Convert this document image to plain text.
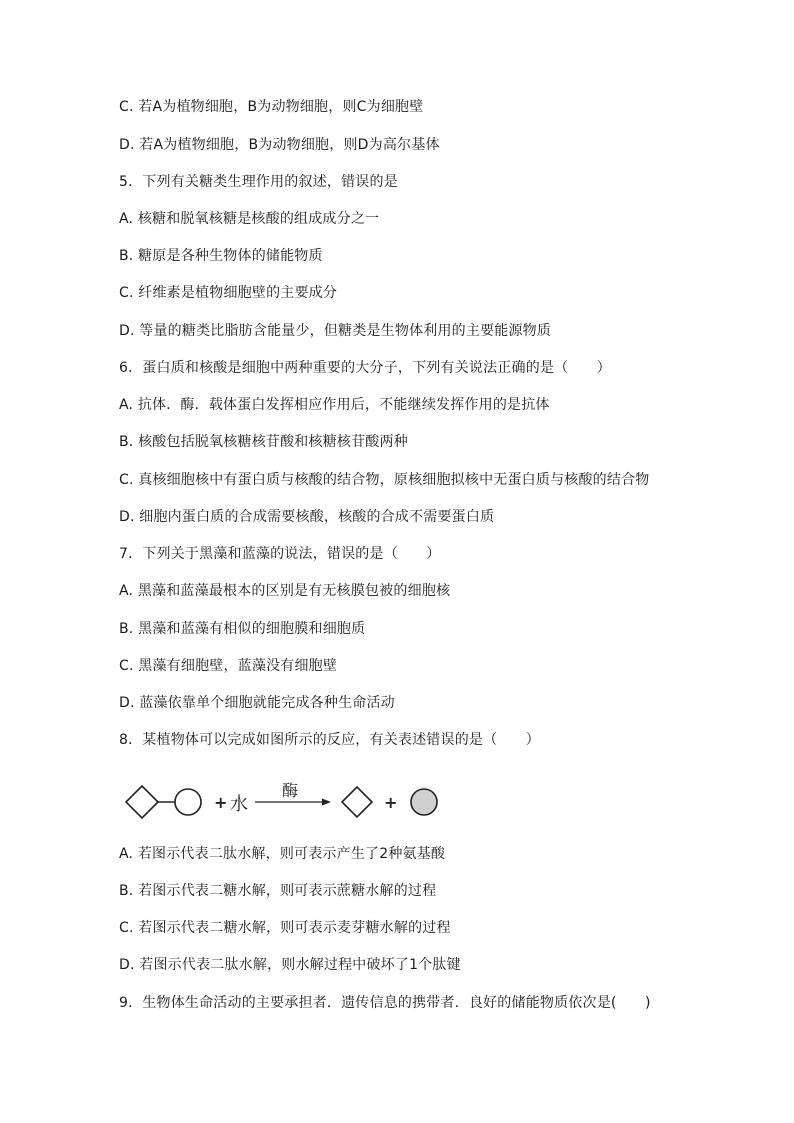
C. 若A为植物细胞，B为动物细胞，则C为细胞壁
D. 若A为植物细胞，B为动物细胞，则D为高尔基体
5．下列有关糖类生理作用的叙述，错误的是
A. 核糖和脱氧核糖是核酸的组成成分之一
B. 糖原是各种生物体的储能物质
C. 纤维素是植物细胞壁的主要成分
D. 等量的糖类比脂肪含能量少，但糖类是生物体利用的主要能源物质
6．蛋白质和核酸是细胞中两种重要的大分子，下列有关说法正确的是（　　）
A. 抗体．酶．载体蛋白发挥相应作用后，不能继续发挥作用的是抗体
B. 核酸包括脱氧核糖核苷酸和核糖核苷酸两种
C. 真核细胞核中有蛋白质与核酸的结合物，原核细胞拟核中无蛋白质与核酸的结合物
D. 细胞内蛋白质的合成需要核酸，核酸的合成不需要蛋白质
7．下列关于黑藻和蓝藻的说法，错误的是（　　）
A. 黑藻和蓝藻最根本的区别是有无核膜包被的细胞核
B. 黑藻和蓝藻有相似的细胞膜和细胞质
C. 黑藻有细胞壁，蓝藻没有细胞壁
D. 蓝藻依靠单个细胞就能完成各种生命活动
8．某植物体可以完成如图所示的反应，有关表述错误的是（　　）
+ 水
酶
+
A. 若图示代表二肽水解，则可表示产生了2种氨基酸
B. 若图示代表二糖水解，则可表示蔗糖水解的过程
C. 若图示代表二糖水解，则可表示麦芽糖水解的过程
D. 若图示代表二肽水解，则水解过程中破坏了1个肽键
9．生物体生命活动的主要承担者．遗传信息的携带者．良好的储能物质依次是(　　)
